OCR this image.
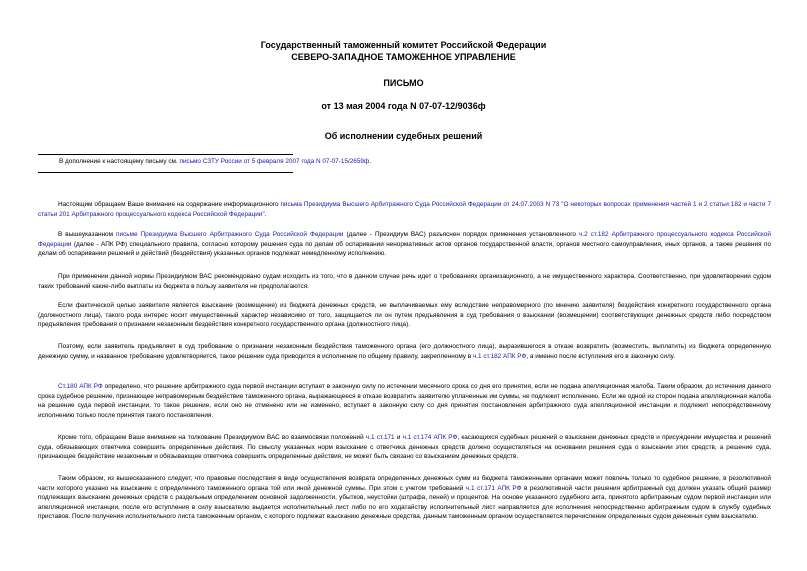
Государственный таможенный комитет Российской Федерации
СЕВЕРО-ЗАПАДНОЕ ТАМОЖЕННОЕ УПРАВЛЕНИЕ
ПИСЬМО
от 13 мая 2004 года N 07-07-12/9036ф
Об исполнении судебных решений
В дополнение к настоящему письму см. письмо СЗТУ России от 5 февраля 2007 года N 07-07-15/2659ф.
Настоящим обращаем Ваше внимание на содержание информационного письма Президиума Высшего Арбитражного Суда Российской Федерации от 24.07.2003 N 73 "О некоторых вопросах применения частей 1 и 2 статьи 182 и части 7 статьи 201 Арбитражного процессуального кодекса Российской Федерации".
В вышеуказанном письме Президиума Высшего Арбитражного Суда Российской Федерации (далее - Президиум ВАС) разъяснен порядок применения установленного ч.2 ст.182 Арбитражного процессуального кодекса Российской Федерации (далее - АПК РФ) специального правила, согласно которому решения суда по делам об оспаривании ненормативных актов органов государственной власти, органов местного самоуправления, иных органов, а также решения по делам об оспаривании решений и действий (бездействия) указанных органов подлежат немедленному исполнению.
При применении данной нормы Президиумом ВАС рекомендовано судам исходить из того, что в данном случае речь идет о требованиях организационного, а не имущественного характера. Соответственно, при удовлетворении судом таких требований какие-либо выплаты из бюджета в пользу заявителя не предполагаются.
Если фактической целью заявителя является взыскание (возмещение) из бюджета денежных средств, не выплачиваемых ему вследствие неправомерного (по мнению заявителя) бездействия конкретного государственного органа (должностного лица), такого рода интерес носит имущественный характер независимо от того, защищается ли он путем предъявления в суд требования о взыскании (возмещении) соответствующих денежных средств либо посредством предъявления требования о признании незаконным бездействия конкретного государственного органа (должностного лица).
Поэтому, если заявитель предъявляет в суд требование о признании незаконным бездействия таможенного органа (его должностного лица), выразившегося в отказе возвратить (возместить, выплатить) из бюджета определенную денежную сумму, и названное требование удовлетворяется, такое решение суда приводится в исполнение по общему правилу, закрепленному в ч.1 ст.182 АПК РФ, а именно после вступления его в законную силу.
Ст.180 АПК РФ определено, что решение арбитражного суда первой инстанции вступает в законную силу по истечении месячного срока со дня его принятия, если не подана апелляционная жалоба. Таким образом, до истечения данного срока судебное решение, признающее неправомерным бездействие таможенного органа, выражающееся в отказе возвратить заявителю уплаченные им суммы, не подлежит исполнению. Если же одной из сторон подана апелляционная жалоба на решение суда первой инстанции, то такое решение, если оно не отменено или не изменено, вступает в законную силу со дня принятия постановления арбитражного суда апелляционной инстанции и подлежит непосредственному исполнению только после принятия такого постановления.
Кроме того, обращаем Ваше внимание на толкование Президиумом ВАС во взаимосвязи положений ч.1 ст.171 и ч.1 ст.174 АПК РФ, касающихся судебных решений о взыскании денежных средств и присуждении имущества и решений суда, обязывающих ответчика совершить определенные действия. По смыслу указанных норм взыскание с ответчика денежных средств должно осуществляться на основании решения суда о взыскании этих средств, а решение суда, признающее бездействие незаконным и обязывающее ответчика совершить определенные действия, не может быть связано со взысканием денежных средств.
Таким образом, из вышесказанного следует, что правовые последствия в виде осуществления возврата определенных денежных сумм из бюджета таможенными органами может повлечь только то судебное решение, в резолютивной части которого указано на взыскание с определенного таможенного органа той или иной денежной суммы. При этом с учетом требований ч.1 ст.171 АПК РФ в резолютивной части решения арбитражный суд должен указать общий размер подлежащих взысканию денежных средств с раздельным определением основной задолженности, убытков, неустойки (штрафа, пеней) и процентов. На основе указанного судебного акта, принятого арбитражным судом первой инстанции или апелляционной инстанции, после его вступления в силу взыскателю выдается исполнительный лист либо по его ходатайству исполнительный лист направляется для исполнения непосредственно арбитражным судом в службу судебных приставов. После получения исполнительного листа таможенным органом, с которого подлежат взысканию денежные средства, данным таможенным органом осуществляется перечисление определенных судом денежных сумм взыскателю.
